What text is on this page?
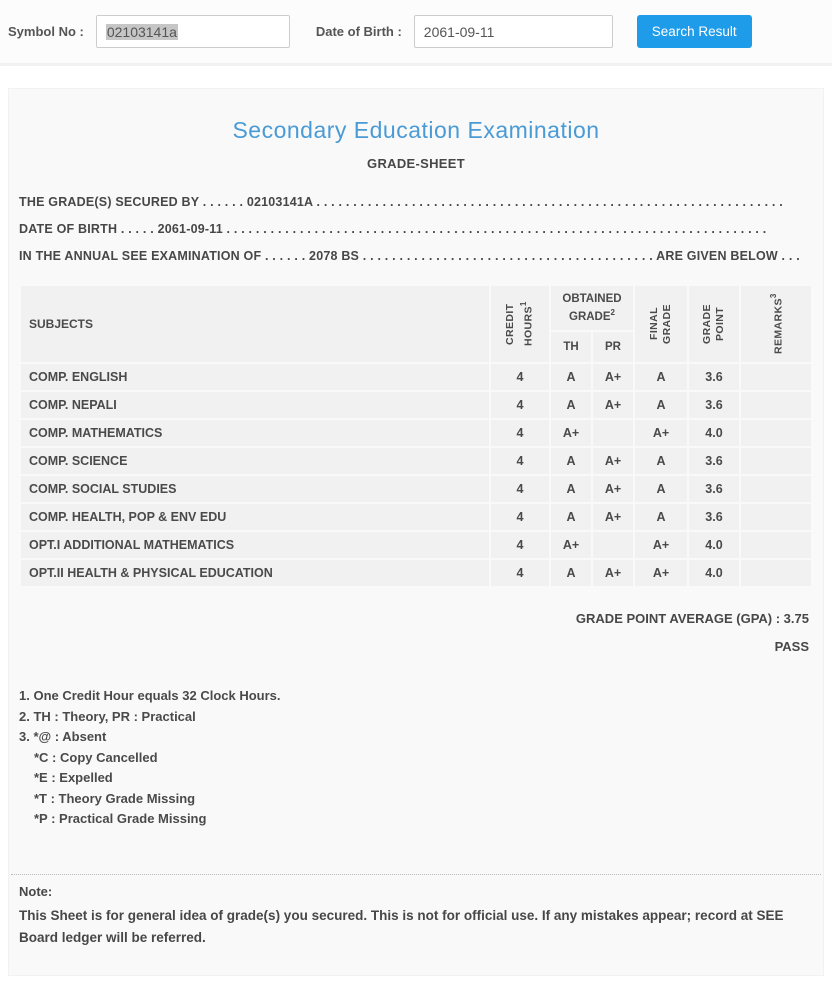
Symbol No : 02103141a	Date of Birth :
2061-09-11	Search Result
Secondary Education Examination
GRADE-SHEET
THE GRADE(S) SECURED BY . . . . . . 02103141A . . . . . . . . . . . . . . . . . . . . . . . . . . . . . . . . . . . . . . . . . . . . . . . . . . . . . . . . . . . . . . . .
DATE OF BIRTH . . . . . 2061-09-11 . . . . . . . . . . . . . . . . . . . . . . . . . . . . . . . . . . . . . . . . . . . . . . . . . . . . . . . . . . . . . . . . . . . . . . . . . .
IN THE ANNUAL SEE EXAMINATION OF . . . . . . 2078 BS . . . . . . . . . . . . . . . . . . . . . . . . . . . . . . . . . . . . . . . . ARE GIVEN BELOW . . .
SUBJECTS	CREDIT HOURS$^1$	OBTAINED GRADE$^2$		FINAL GRADE	GRADE POINT	REMARKS$^3$

		TH	PR			
COMP. ENGLISH	4	A	A+	A	3.6	
COMP. NEPALI	4	A	A+	A	3.6	
COMP. MATHEMATICS	4	A+		A+	4.0	
COMP. SCIENCE	4	A	A+	A	3.6	
COMP. SOCIAL STUDIES	4	A	A+	A	3.6	
COMP. HEALTH, POP & ENV EDU	4	A	A+	A	3.6	
OPT.I ADDITIONAL MATHEMATICS	4	A+		A+	4.0	
OPT.II HEALTH & PHYSICAL EDUCATION	4	A	A+	A+	4.0	
GRADE POINT AVERAGE (GPA) : 3.75
PASS
1. One Credit Hour equals 32 Clock Hours.
2. TH : Theory, PR : Practical
3. *@ : Absent
*C : Copy Cancelled
*E : Expelled
*T : Theory Grade Missing
*P : Practical Grade Missing
Note:
This Sheet is for general idea of grade(s) you secured. This is not for official use. If any mistakes appear; record at SEE Board ledger will be referred.
